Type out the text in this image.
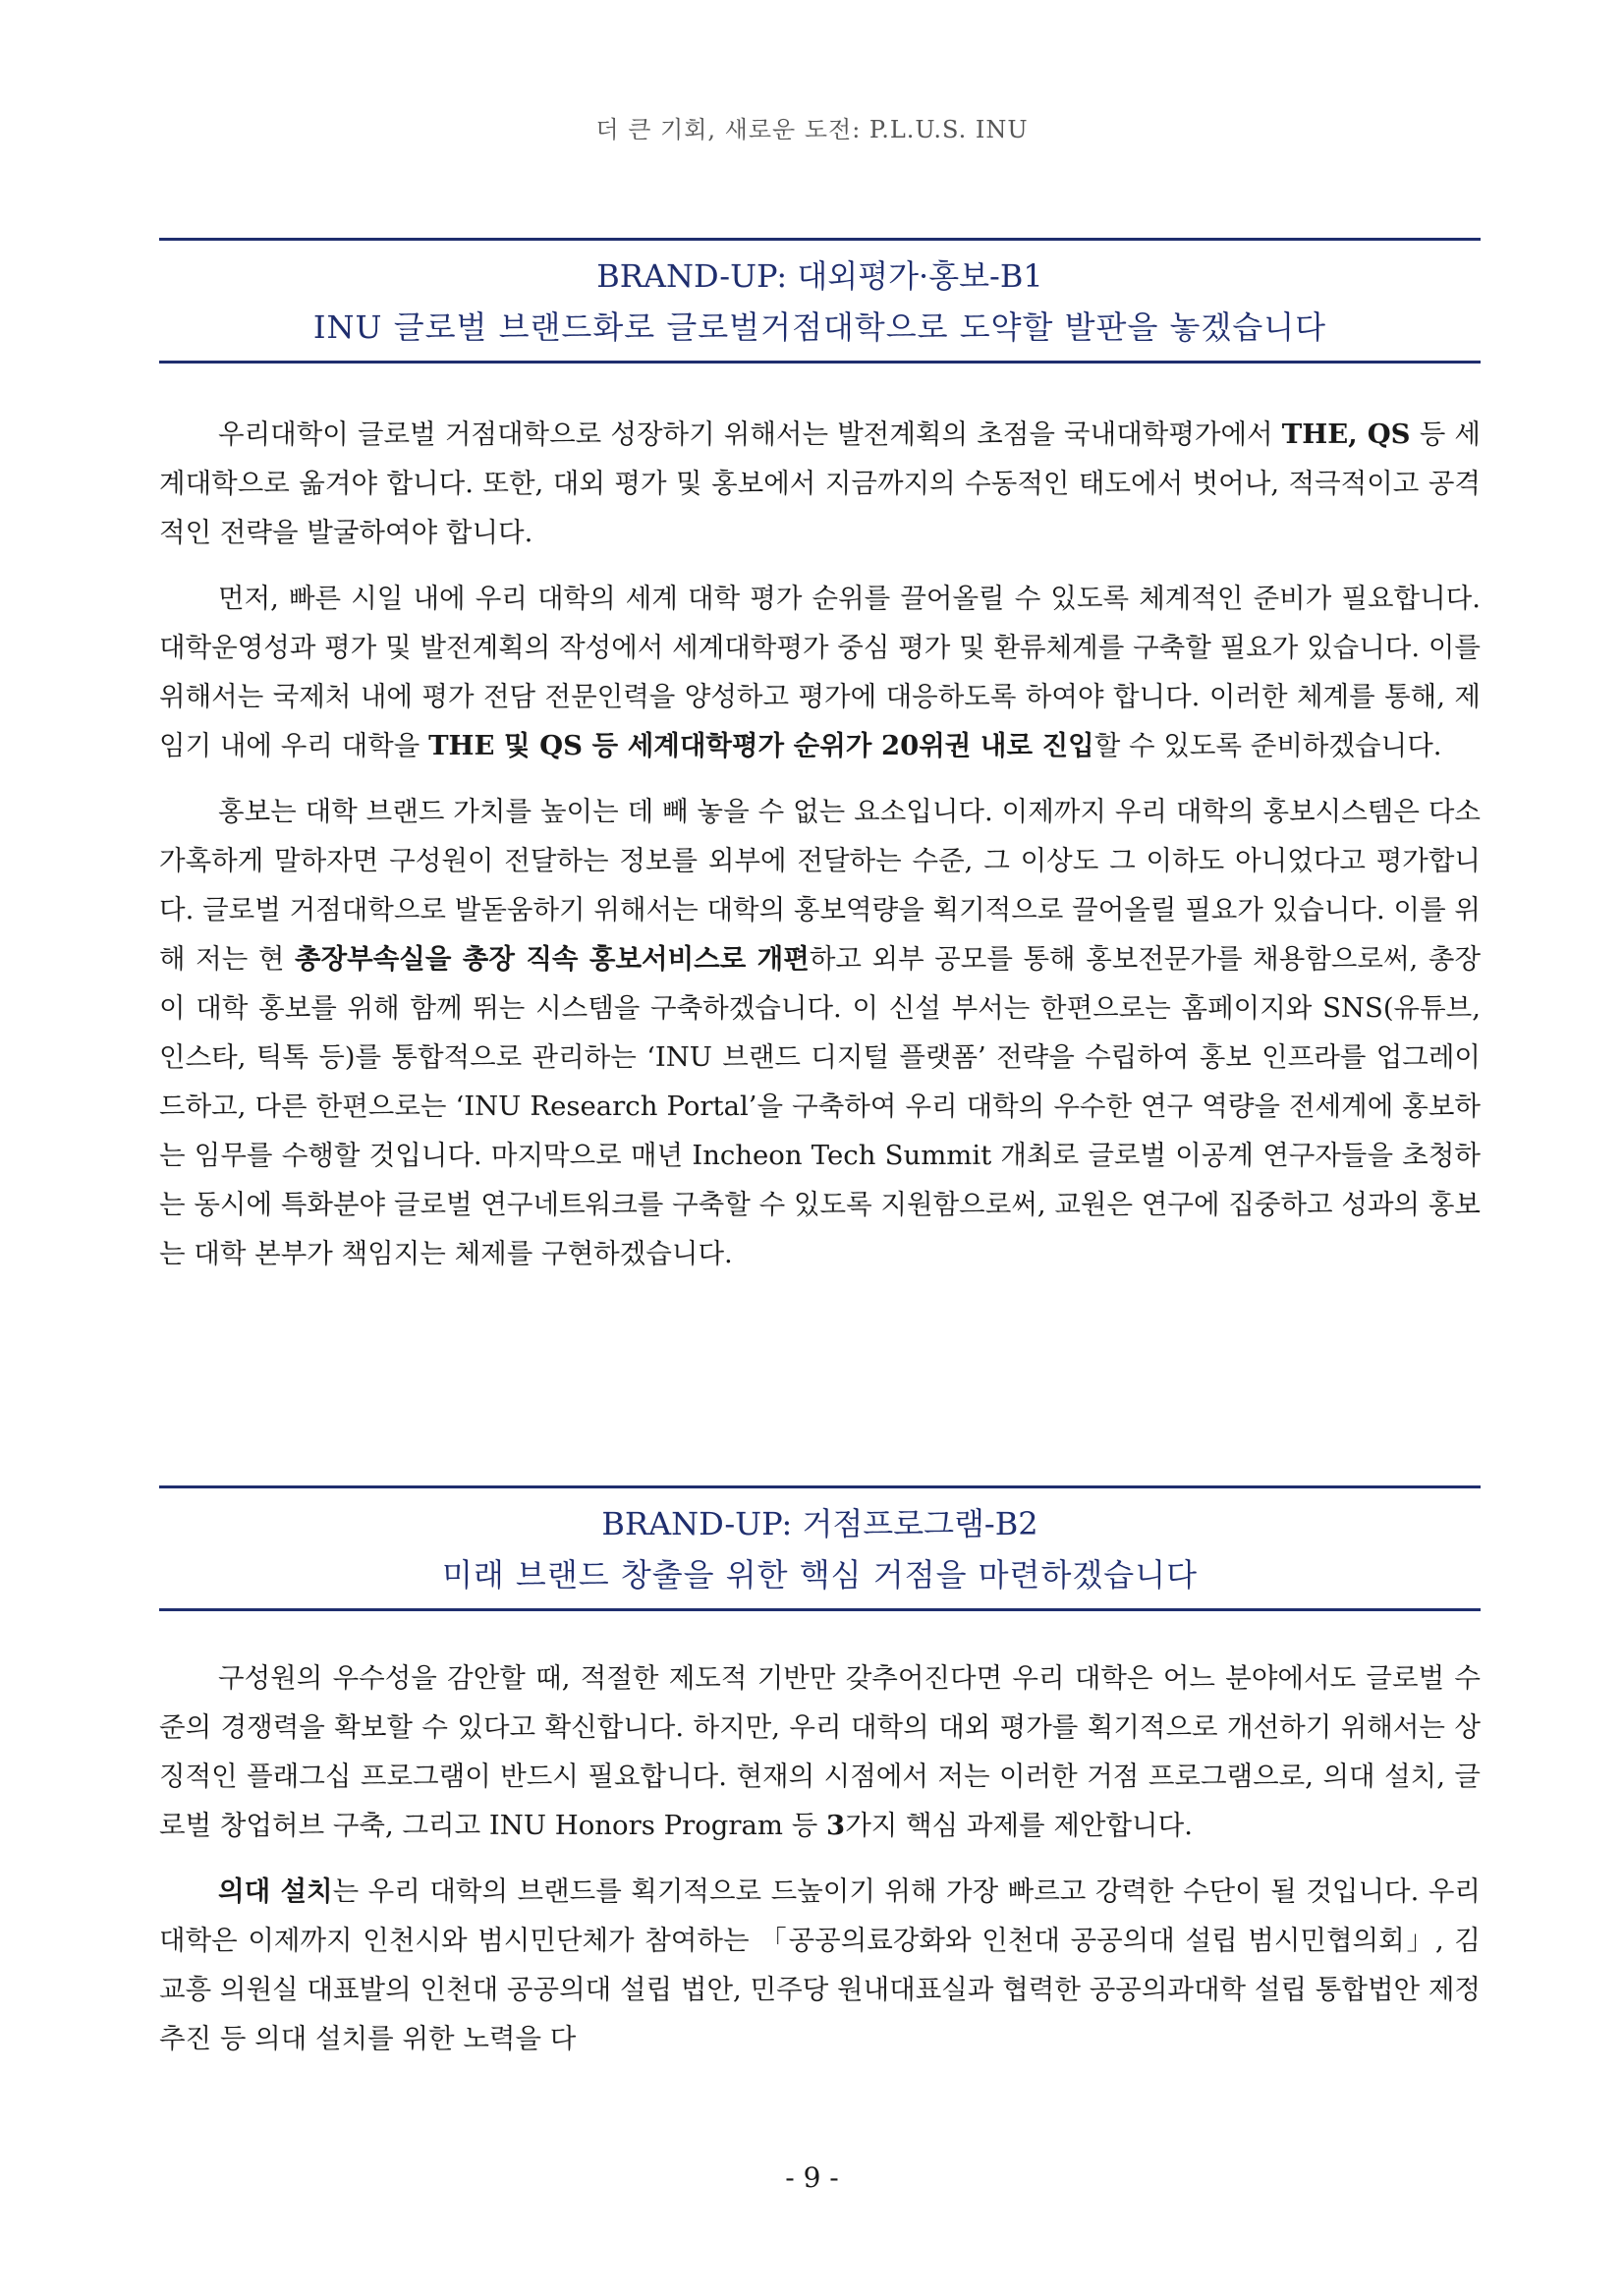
더 큰 기회, 새로운 도전: P.L.U.S. INU
BRAND-UP: 대외평가·홍보-B1
INU 글로벌 브랜드화로 글로벌거점대학으로 도약할 발판을 놓겠습니다

우리대학이 글로벌 거점대학으로 성장하기 위해서는 발전계획의 초점을 국내대학평가에서 THE, QS 등 세계대학으로 옮겨야 합니다. 또한, 대외 평가 및 홍보에서 지금까지의 수동적인 태도에서 벗어나, 적극적이고 공격적인 전략을 발굴하여야 합니다.

먼저, 빠른 시일 내에 우리 대학의 세계 대학 평가 순위를 끌어올릴 수 있도록 체계적인 준비가 필요합니다. 대학운영성과 평가 및 발전계획의 작성에서 세계대학평가 중심 평가 및 환류체계를 구축할 필요가 있습니다. 이를 위해서는 국제처 내에 평가 전담 전문인력을 양성하고 평가에 대응하도록 하여야 합니다. 이러한 체계를 통해, 제 임기 내에 우리 대학을 THE 및 QS 등 세계대학평가 순위가 20위권 내로 진입할 수 있도록 준비하겠습니다.

홍보는 대학 브랜드 가치를 높이는 데 빼 놓을 수 없는 요소입니다. 이제까지 우리 대학의 홍보시스템은 다소 가혹하게 말하자면 구성원이 전달하는 정보를 외부에 전달하는 수준, 그 이상도 그 이하도 아니었다고 평가합니다. 글로벌 거점대학으로 발돋움하기 위해서는 대학의 홍보역량을 획기적으로 끌어올릴 필요가 있습니다. 이를 위해 저는 현 총장부속실을 총장 직속 홍보서비스로 개편하고 외부 공모를 통해 홍보전문가를 채용함으로써, 총장이 대학 홍보를 위해 함께 뛰는 시스템을 구축하겠습니다. 이 신설 부서는 한편으로는 홈페이지와 SNS(유튜브, 인스타, 틱톡 등)를 통합적으로 관리하는 ‘INU 브랜드 디지털 플랫폼’ 전략을 수립하여 홍보 인프라를 업그레이드하고, 다른 한편으로는 ‘INU Research Portal’을 구축하여 우리 대학의 우수한 연구 역량을 전세계에 홍보하는 임무를 수행할 것입니다. 마지막으로 매년 Incheon Tech Summit 개최로 글로벌 이공계 연구자들을 초청하는 동시에 특화분야 글로벌 연구네트워크를 구축할 수 있도록 지원함으로써, 교원은 연구에 집중하고 성과의 홍보는 대학 본부가 책임지는 체제를 구현하겠습니다.

BRAND-UP: 거점프로그램-B2
미래 브랜드 창출을 위한 핵심 거점을 마련하겠습니다

구성원의 우수성을 감안할 때, 적절한 제도적 기반만 갖추어진다면 우리 대학은 어느 분야에서도 글로벌 수준의 경쟁력을 확보할 수 있다고 확신합니다. 하지만, 우리 대학의 대외 평가를 획기적으로 개선하기 위해서는 상징적인 플래그십 프로그램이 반드시 필요합니다. 현재의 시점에서 저는 이러한 거점 프로그램으로, 의대 설치, 글로벌 창업허브 구축, 그리고 INU Honors Program 등 3가지 핵심 과제를 제안합니다.

의대 설치는 우리 대학의 브랜드를 획기적으로 드높이기 위해 가장 빠르고 강력한 수단이 될 것입니다. 우리 대학은 이제까지 인천시와 범시민단체가 참여하는 「공공의료강화와 인천대 공공의대 설립 범시민협의회」, 김교흥 의원실 대표발의 인천대 공공의대 설립 법안, 민주당 원내대표실과 협력한 공공의과대학 설립 통합법안 제정 추진 등 의대 설치를 위한 노력을 다

- 9 -
